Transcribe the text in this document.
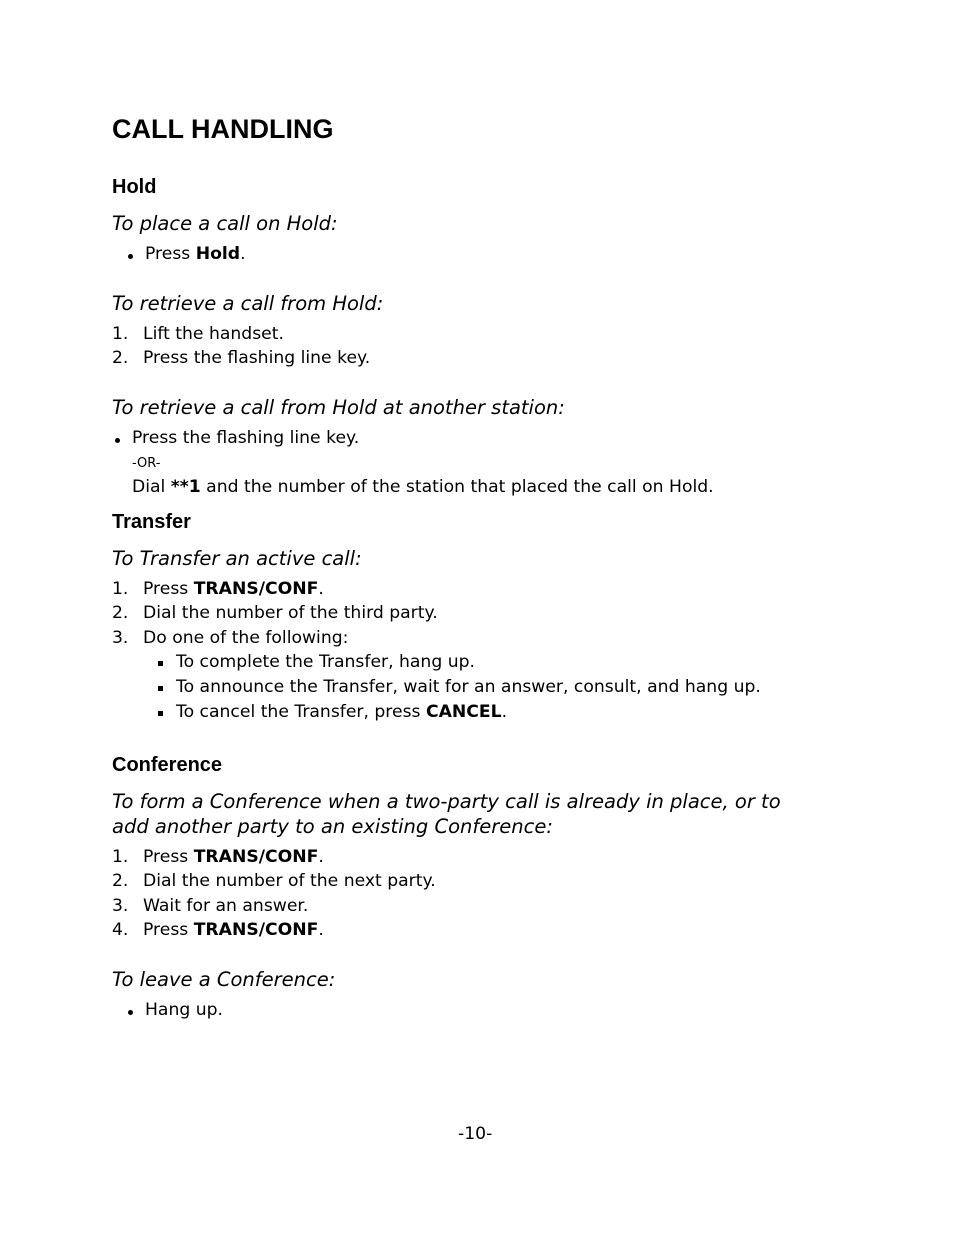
CALL HANDLING
Hold
To place a call on Hold:
Press Hold.
To retrieve a call from Hold:
1. Lift the handset.
2. Press the flashing line key.
To retrieve a call from Hold at another station:
Press the flashing line key.
-OR-
Dial **1 and the number of the station that placed the call on Hold.
Transfer
To Transfer an active call:
1. Press TRANS/CONF.
2. Dial the number of the third party.
3. Do one of the following:
To complete the Transfer, hang up.
To announce the Transfer, wait for an answer, consult, and hang up.
To cancel the Transfer, press CANCEL.
Conference
To form a Conference when a two-party call is already in place, or to
add another party to an existing Conference:
1. Press TRANS/CONF.
2. Dial the number of the next party.
3. Wait for an answer.
4. Press TRANS/CONF.
To leave a Conference:
Hang up.
-10-
